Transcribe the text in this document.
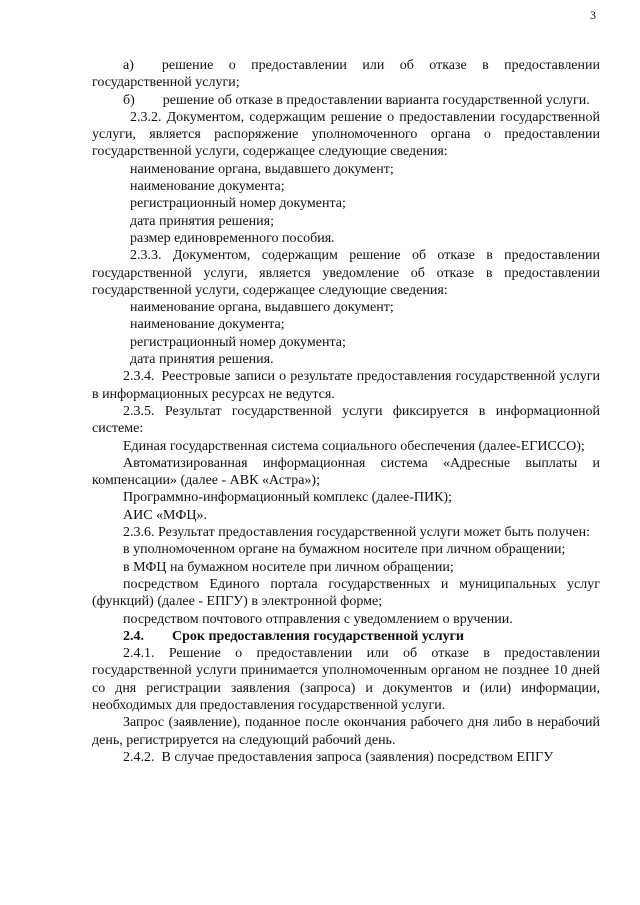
3

а)  решение о предоставлении или об отказе в предоставлении государственной услуги;

б)  решение об отказе в предоставлении варианта государственной услуги.

2.3.2. Документом, содержащим решение о предоставлении государственной услуги, является распоряжение уполномоченного органа о предоставлении государственной услуги, содержащее следующие сведения:

наименование органа, выдавшего документ;

наименование документа;

регистрационный номер документа;

дата принятия решения;

размер единовременного пособия.

2.3.3. Документом, содержащим решение об отказе в предоставлении государственной услуги, является уведомление об отказе в предоставлении государственной услуги, содержащее следующие сведения:

наименование органа, выдавшего документ;

наименование документа;

регистрационный номер документа;

дата принятия решения.

2.3.4. Реестровые записи о результате предоставления государственной услуги в информационных ресурсах не ведутся.

2.3.5. Результат государственной услуги фиксируется в информационной системе:

Единая государственная система социального обеспечения (далее-ЕГИССО);

Автоматизированная информационная система «Адресные выплаты и компенсации» (далее - АВК «Астра»);

Программно-информационный комплекс (далее-ПИК);

АИС «МФЦ».

2.3.6. Результат предоставления государственной услуги может быть получен:

в уполномоченном органе на бумажном носителе при личном обращении;

в МФЦ на бумажном носителе при личном обращении;

посредством Единого портала государственных и муниципальных услуг (функций) (далее - ЕПГУ) в электронной форме;

посредством почтового отправления с уведомлением о вручении.

2.4.  Срок предоставления государственной услуги

2.4.1. Решение о предоставлении или об отказе в предоставлении государственной услуги принимается уполномоченным органом не позднее 10 дней со дня регистрации заявления (запроса) и документов и (или) информации, необходимых для предоставления государственной услуги.

Запрос (заявление), поданное после окончания рабочего дня либо в нерабочий день, регистрируется на следующий рабочий день.

2.4.2. В случае предоставления запроса (заявления) посредством ЕПГУ
